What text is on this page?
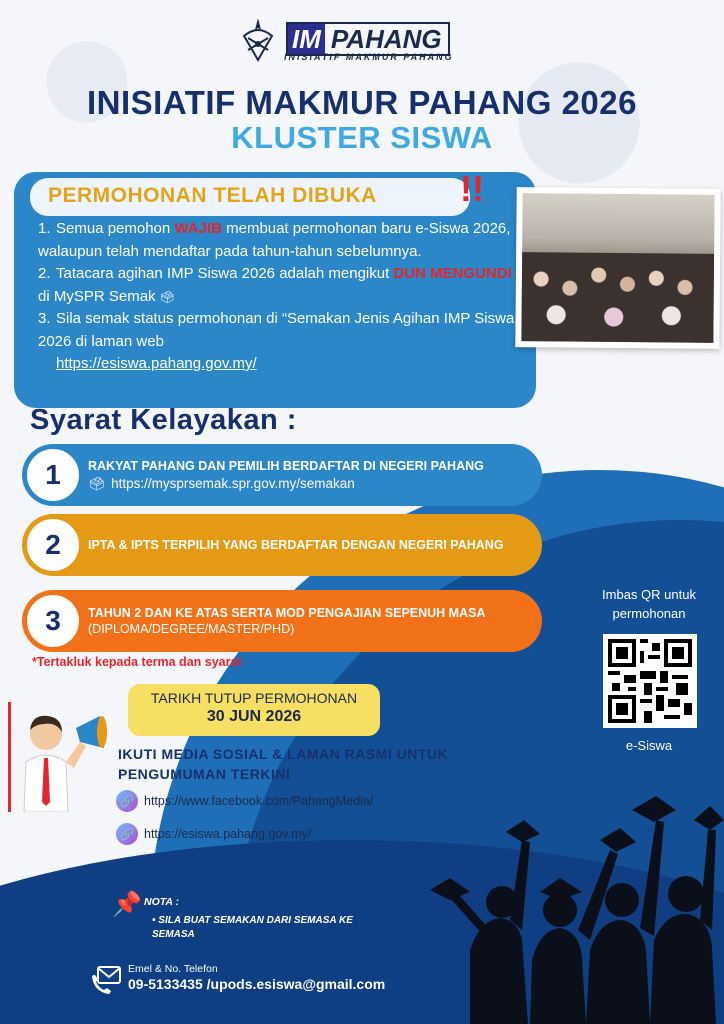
IM PAHANG
INISIATIF MAKMUR PAHANG
INISIATIF MAKMUR PAHANG 2026
KLUSTER SISWA
PERMOHONAN TELAH DIBUKA !!
1. Semua pemohon WAJIB membuat permohonan baru e-Siswa 2026, walaupun telah mendaftar pada tahun-tahun sebelumnya.
2. Tatacara agihan IMP Siswa 2026 adalah mengikut DUN MENGUNDI di MySPR Semak 🗳
3. Sila semak status permohonan di “Semakan Jenis Agihan IMP Siswa 2026 di laman web
https://esiswa.pahang.gov.my/
Syarat Kelayakan :
1	RAKYAT PAHANG DAN PEMILIH BERDAFTAR DI NEGERI PAHANG
🗳 https://mysprsemak.spr.gov.my/semakan
2	IPTA & IPTS TERPILIH YANG BERDAFTAR DENGAN NEGERI PAHANG
3	TAHUN 2 DAN KE ATAS SERTA MOD PENGAJIAN SEPENUH MASA (DIPLOMA/DEGREE/MASTER/PHD)
*Tertakluk kepada terma dan syarat
Imbas QR untuk permohonan
e-Siswa
TARIKH TUTUP PERMOHONAN
30 JUN 2026
IKUTI MEDIA SOSIAL & LAMAN RASMI UNTUK PENGUMUMAN TERKINI
🔗 https://www.facebook.com/PahangMedia/
🔗 https://esiswa.pahang.gov.my/
📌 NOTA :
• SILA BUAT SEMAKAN DARI SEMASA KE SEMASA
Emel & No. Telefon
09-5133435 /upods.esiswa@gmail.com
